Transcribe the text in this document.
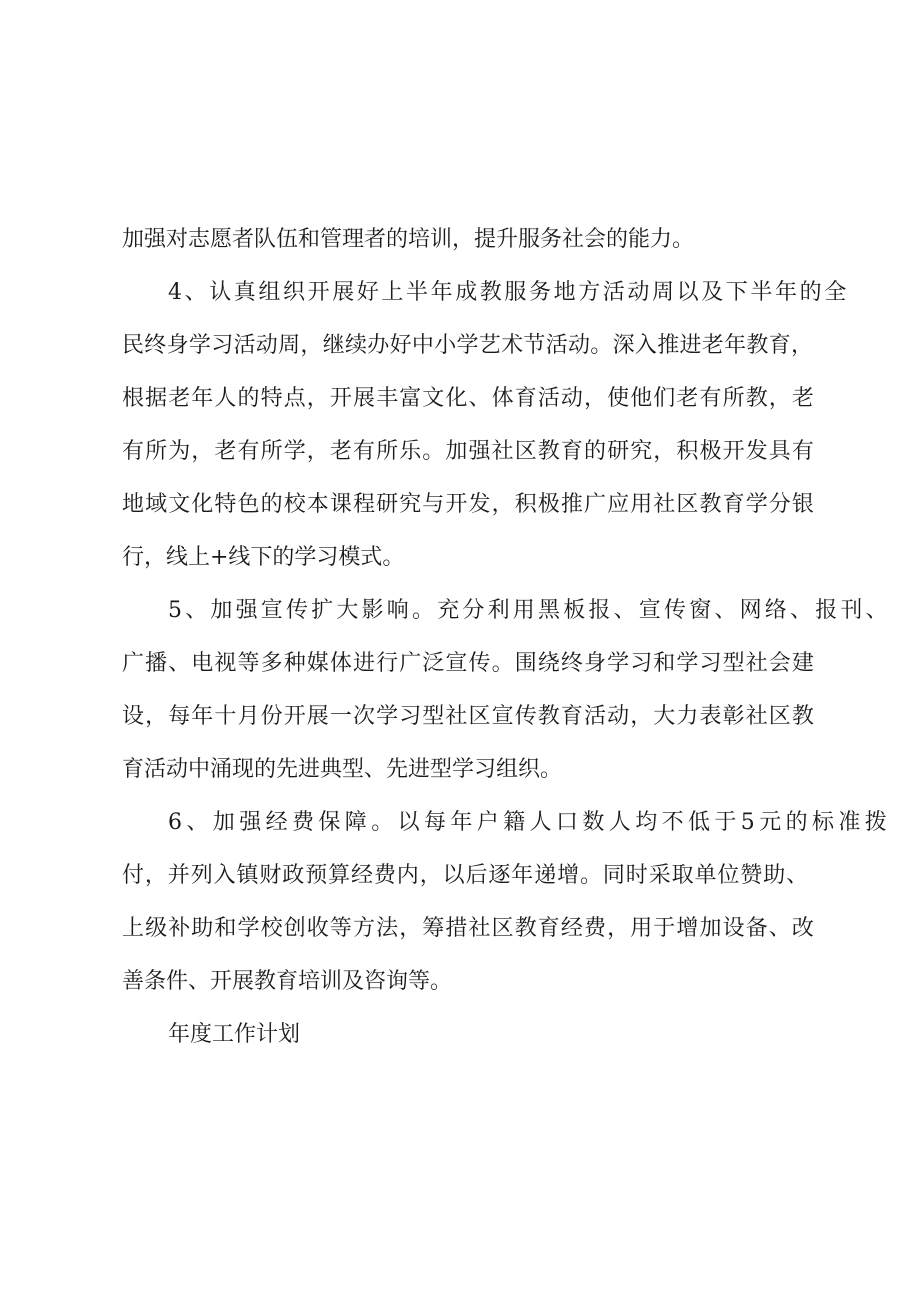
加强对志愿者队伍和管理者的培训，提升服务社会的能力。

4、认真组织开展好上半年成教服务地方活动周以及下半年的全

民终身学习活动周，继续办好中小学艺术节活动。深入推进老年教育，

根据老年人的特点，开展丰富文化、体育活动，使他们老有所教，老

有所为，老有所学，老有所乐。加强社区教育的研究，积极开发具有

地域文化特色的校本课程研究与开发，积极推广应用社区教育学分银

行，线上+线下的学习模式。

5、加强宣传扩大影响。充分利用黑板报、宣传窗、网络、报刊、

广播、电视等多种媒体进行广泛宣传。围绕终身学习和学习型社会建

设，每年十月份开展一次学习型社区宣传教育活动，大力表彰社区教

育活动中涌现的先进典型、先进型学习组织。

6、加强经费保障。以每年户籍人口数人均不低于5元的标准拨

付，并列入镇财政预算经费内，以后逐年递增。同时采取单位赞助、

上级补助和学校创收等方法，筹措社区教育经费，用于增加设备、改

善条件、开展教育培训及咨询等。

年度工作计划
